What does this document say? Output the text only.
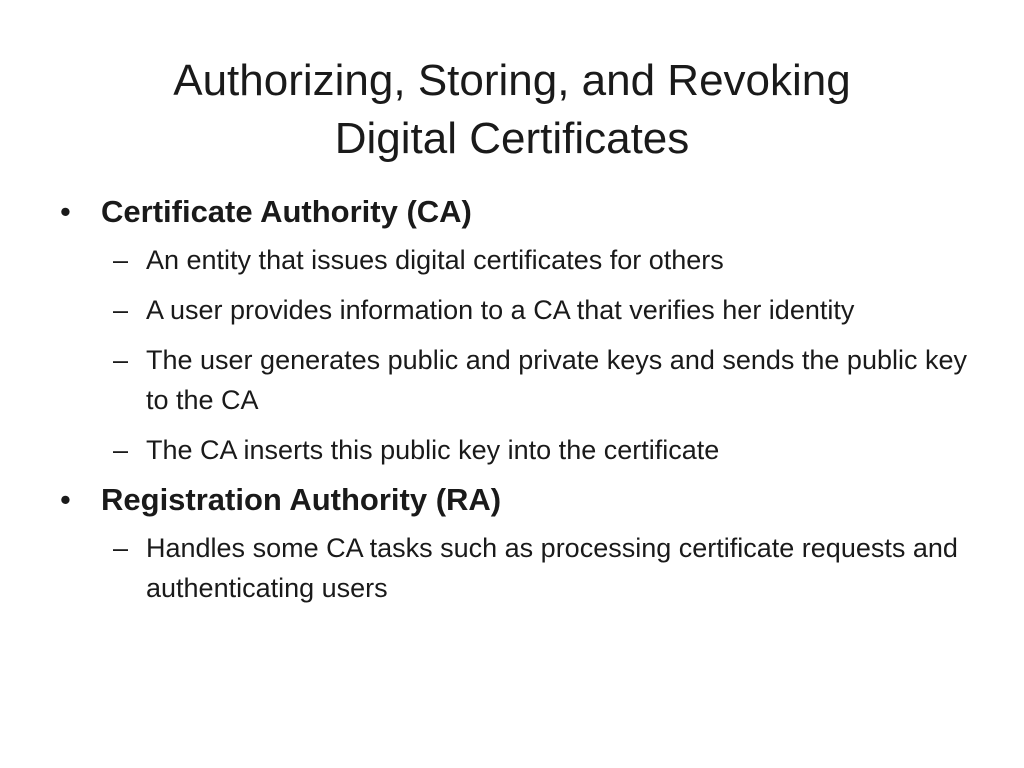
Authorizing, Storing, and Revoking
Digital Certificates
• Certificate Authority (CA)
– An entity that issues digital certificates for others
– A user provides information to a CA that verifies her identity
– The user generates public and private keys and sends the public key to the CA
– The CA inserts this public key into the certificate
• Registration Authority (RA)
– Handles some CA tasks such as processing certificate requests and authenticating users
